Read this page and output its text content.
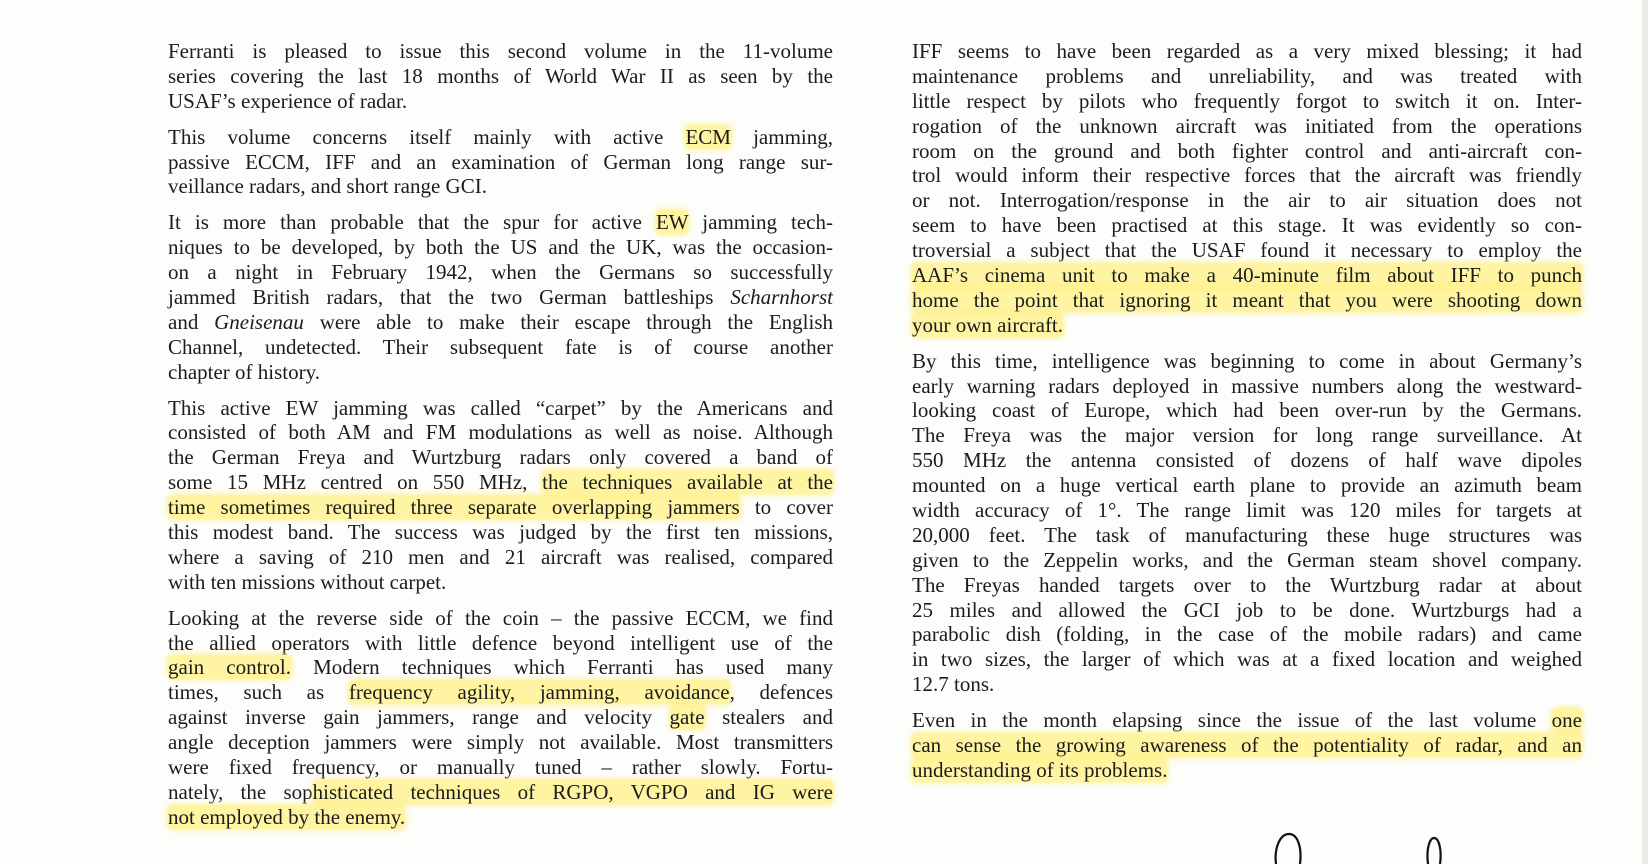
Ferranti is pleased to issue this second volume in the 11-volume
series covering the last 18 months of World War II as seen by the
USAF’s experience of radar.
This volume concerns itself mainly with active ECM jamming,
passive ECCM, IFF and an examination of German long range sur-
veillance radars, and short range GCI.
It is more than probable that the spur for active EW jamming tech-
niques to be developed, by both the US and the UK, was the occasion-
on a night in February 1942, when the Germans so successfully
jammed British radars, that the two German battleships Scharnhorst
and Gneisenau were able to make their escape through the English
Channel, undetected. Their subsequent fate is of course another
chapter of history.
This active EW jamming was called “carpet” by the Americans and
consisted of both AM and FM modulations as well as noise. Although
the German Freya and Wurtzburg radars only covered a band of
some 15 MHz centred on 550 MHz, the techniques available at the
time sometimes required three separate overlapping jammers to cover
this modest band. The success was judged by the first ten missions,
where a saving of 210 men and 21 aircraft was realised, compared
with ten missions without carpet.
Looking at the reverse side of the coin – the passive ECCM, we find
the allied operators with little defence beyond intelligent use of the
gain control. Modern techniques which Ferranti has used many
times, such as frequency agility, jamming, avoidance, defences
against inverse gain jammers, range and velocity gate stealers and
angle deception jammers were simply not available. Most transmitters
were fixed frequency, or manually tuned – rather slowly. Fortu-
nately, the sophisticated techniques of RGPO, VGPO and IG were
not employed by the enemy.
IFF seems to have been regarded as a very mixed blessing; it had
maintenance problems and unreliability, and was treated with
little respect by pilots who frequently forgot to switch it on. Inter-
rogation of the unknown aircraft was initiated from the operations
room on the ground and both fighter control and anti-aircraft con-
trol would inform their respective forces that the aircraft was friendly
or not. Interrogation/response in the air to air situation does not
seem to have been practised at this stage. It was evidently so con-
troversial a subject that the USAF found it necessary to employ the
AAF’s cinema unit to make a 40-minute film about IFF to punch
home the point that ignoring it meant that you were shooting down
your own aircraft.
By this time, intelligence was beginning to come in about Germany’s
early warning radars deployed in massive numbers along the westward-
looking coast of Europe, which had been over-run by the Germans.
The Freya was the major version for long range surveillance. At
550 MHz the antenna consisted of dozens of half wave dipoles
mounted on a huge vertical earth plane to provide an azimuth beam
width accuracy of 1°. The range limit was 120 miles for targets at
20,000 feet. The task of manufacturing these huge structures was
given to the Zeppelin works, and the German steam shovel company.
The Freyas handed targets over to the Wurtzburg radar at about
25 miles and allowed the GCI job to be done. Wurtzburgs had a
parabolic dish (folding, in the case of the mobile radars) and came
in two sizes, the larger of which was at a fixed location and weighed
12.7 tons.
Even in the month elapsing since the issue of the last volume one
can sense the growing awareness of the potentiality of radar, and an
understanding of its problems.
